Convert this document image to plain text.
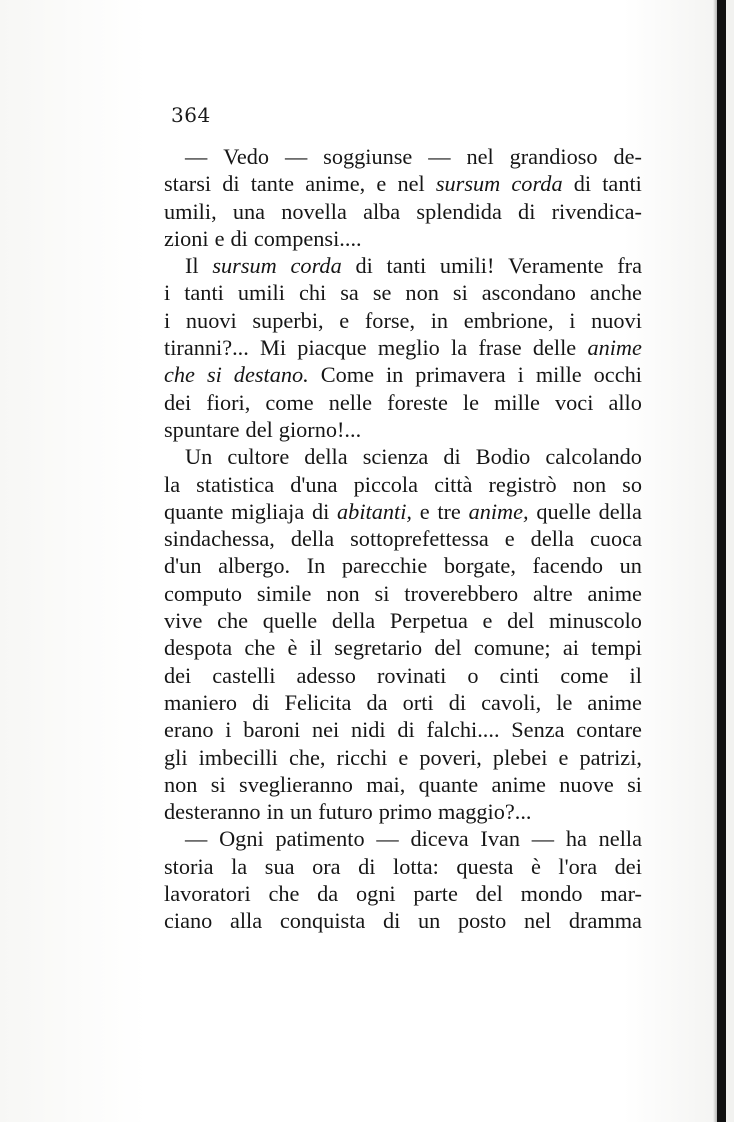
364
— Vedo — soggiunse — nel grandioso de-
starsi di tante anime, e nel sursum corda di tanti
umili, una novella alba splendida di rivendica-
zioni e di compensi....
Il sursum corda di tanti umili! Veramente fra
i tanti umili chi sa se non si ascondano anche
i nuovi superbi, e forse, in embrione, i nuovi
tiranni?... Mi piacque meglio la frase delle anime
che si destano. Come in primavera i mille occhi
dei fiori, come nelle foreste le mille voci allo
spuntare del giorno!...
Un cultore della scienza di Bodio calcolando
la statistica d'una piccola città registrò non so
quante migliaja di abitanti, e tre anime, quelle della
sindachessa, della sottoprefettessa e della cuoca
d'un albergo. In parecchie borgate, facendo un
computo simile non si troverebbero altre anime
vive che quelle della Perpetua e del minuscolo
despota che è il segretario del comune; ai tempi
dei castelli adesso rovinati o cinti come il
maniero di Felicita da orti di cavoli, le anime
erano i baroni nei nidi di falchi.... Senza contare
gli imbecilli che, ricchi e poveri, plebei e patrizi,
non si sveglieranno mai, quante anime nuove si
desteranno in un futuro primo maggio?...
— Ogni patimento — diceva Ivan — ha nella
storia la sua ora di lotta: questa è l'ora dei
lavoratori che da ogni parte del mondo mar-
ciano alla conquista di un posto nel dramma
